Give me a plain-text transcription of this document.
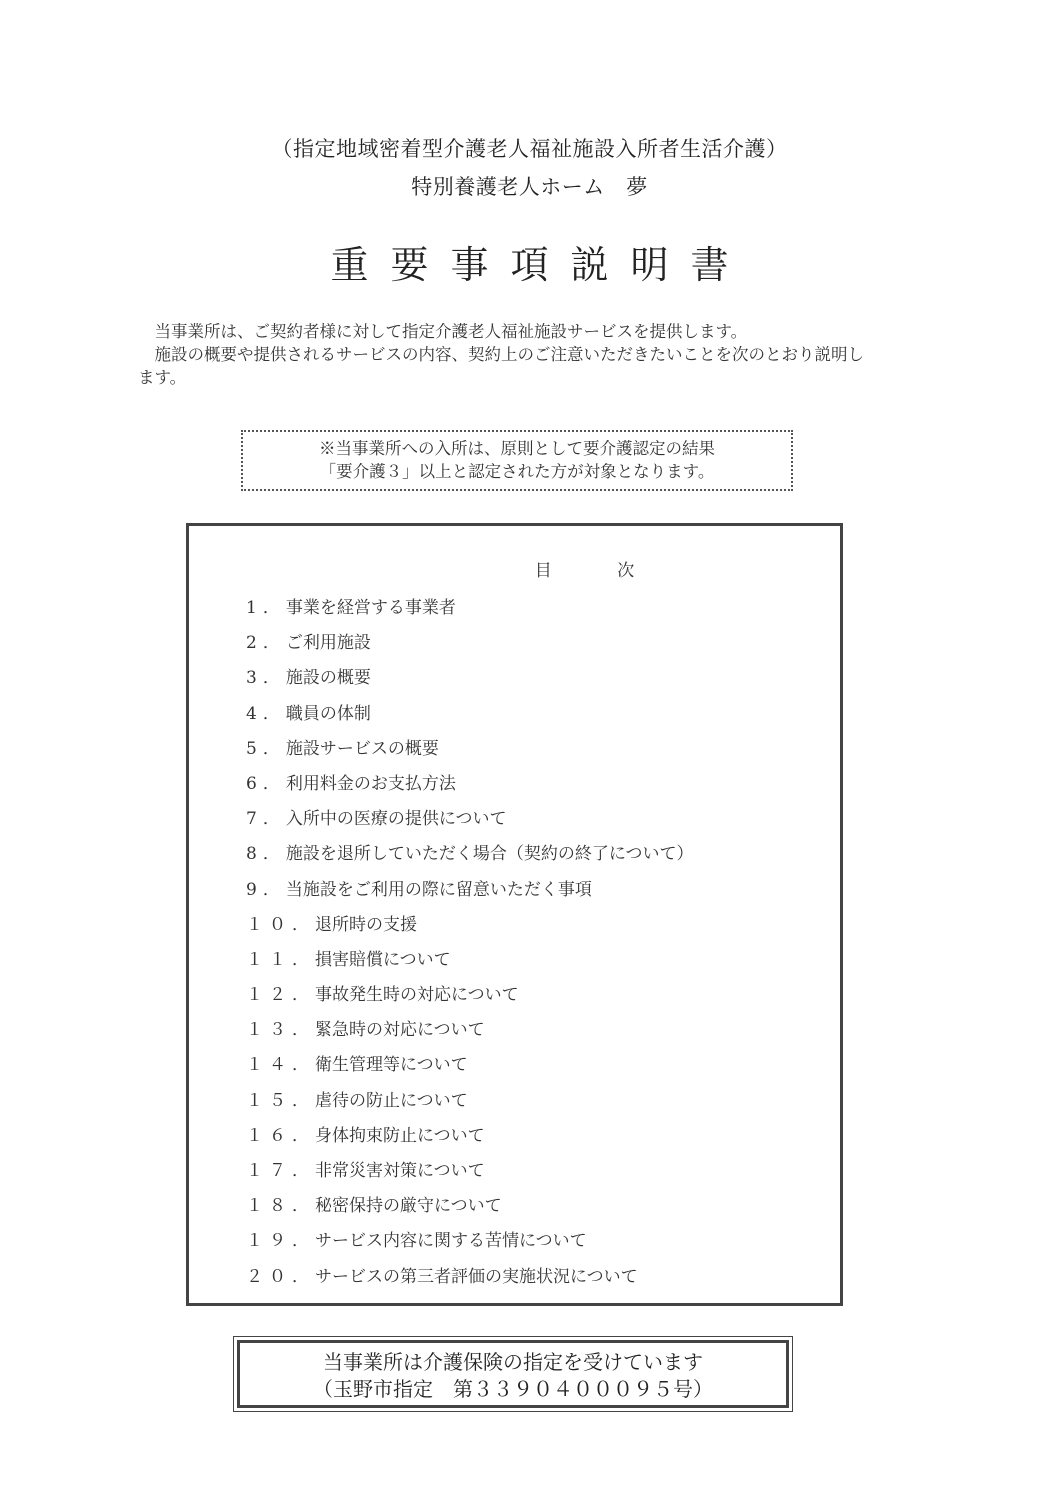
（指定地域密着型介護老人福祉施設入所者生活介護）
特別養護老人ホーム　夢
重要事項説明書

当事業所は、ご契約者様に対して指定介護老人福祉施設サービスを提供します。

施設の概要や提供されるサービスの内容、契約上のご注意いただきたいことを次のとおり説明します。

※当事業所への入所は、原則として要介護認定の結果
「要介護３」以上と認定された方が対象となります。
目 次
1．事業を経営する事業者
2．ご利用施設
3．施設の概要
4．職員の体制
5．施設サービスの概要
6．利用料金のお支払方法
7．入所中の医療の提供について
8．施設を退所していただく場合（契約の終了について）
9．当施設をご利用の際に留意いただく事項
１０．退所時の支援
１１．損害賠償について
１２．事故発生時の対応について
１３．緊急時の対応について
１４．衛生管理等について
１５．虐待の防止について
１６．身体拘束防止について
１７．非常災害対策について
１８．秘密保持の厳守について
１９．サービス内容に関する苦情について
２０．サービスの第三者評価の実施状況について
当事業所は介護保険の指定を受けています
（玉野市指定　第３３９０４０００９５号）
